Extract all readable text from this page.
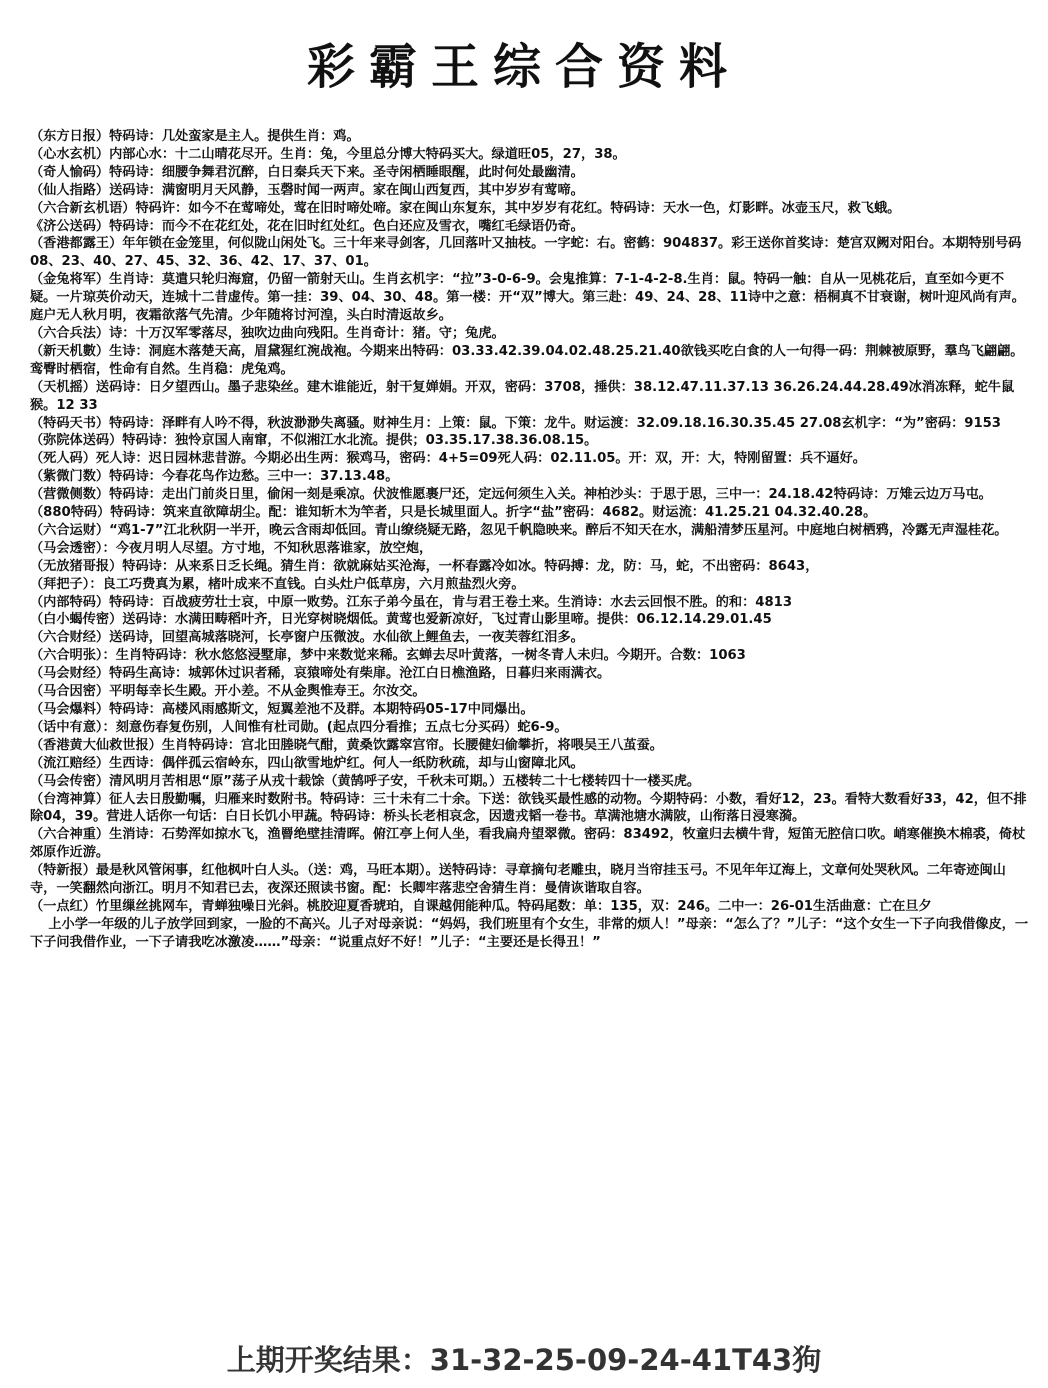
彩霸王综合资料
（东方日报）特码诗：几处蛮家是主人。提供生肖：鸡。
（心水玄机）内部心水：十二山晴花尽开。生肖：兔，今里总分博大特码买大。绿道旺05，27，38。
（奇人愉码）特码诗：细腰争舞君沉醉，白日秦兵天下来。圣寺闲栖睡眼醒，此时何处最幽清。
（仙人指路）送码诗：满窗明月天风静，玉磬时闻一两声。家在闽山西复西，其中岁岁有莺啼。
（六合新玄机语）特码许：如今不在莺啼处，莺在旧时啼处啼。家在闽山东复东，其中岁岁有花红。特码诗：天水一色，灯影畔。冰壶玉尺，救飞蛾。
《济公送码）特码诗：而今不在花红处，花在旧时红处红。色白还应及雪衣，嘴红毛绿语仍奇。
（香港都露王）年年锁在金笼里，何似陇山闲处飞。三十年来寻剑客，几回落叶又抽枝。一字蛇：右。密鹤：904837。彩王送你首奖诗：楚宫双阙对阳台。本期特别号码08、23、40、27、45、32、36、42、17、37、01。
（金兔将军）生肖诗：莫遣只轮归海窟，仍留一箭射天山。生肖玄机字：“拉”3-0-6-9。会鬼推算：7-1-4-2-8.生肖：鼠。特码一触：自从一见桃花后，直至如今更不疑。一片琼英价动天，连城十二昔虚传。第一挂：39、04、30、48。第一楼：开“双”博大。第三赴：49、24、28、11诗中之意：梧桐真不甘衰谢，树叶迎风尚有声。庭户无人秋月明，夜霜欲落气先清。少年随将讨河湟，头白时清返故乡。
（六合兵法）诗：十万汉军零落尽，独吹边曲向残阳。生肖奇计：猪。守；兔虎。
（新天机數）生诗：洞庭木落楚天高，眉黛猩红涴战袍。今期来出特码：03.33.42.39.04.02.48.25.21.40欲钱买吃白食的人一句得一码：荆棘被原野，羣鸟飞翩翩。鸾臀时栖宿，性命有自然。生肖稳：虎兔鸡。
（天机摇）送码诗：日夕望西山。墨子悲染丝。建木谁能近，射干复婵娟。开双，密码：3708，捶供：38.12.47.11.37.13 36.26.24.44.28.49冰消冻释，蛇牛鼠猴。12 33
（特码天书）特码诗：泽畔有人吟不得，秋波渺渺失离骚。财神生月：上策：鼠。下策：龙牛。财运渡：32.09.18.16.30.35.45 27.08玄机字：“为”密码：9153
（弥院体送码）特码诗：独怜京国人南窜，不似湘江水北流。提供；03.35.17.38.36.08.15。
（死人码）死人诗：迟日园林悲昔游。今期必出生两：猴鸡马，密码：4+5=09死人码：02.11.05。开：双，开：大，特刚留置：兵不逼好。
（紫微门数）特码诗：今春花鸟作边愁。三中一：37.13.48。
（营微侧数）特码诗：走出门前炎日里，偷闲一刻是乘凉。伏波惟愿裹尸还，定远何须生入关。神柏沙头：于思于思，三中一：24.18.42特码诗：万雉云边万马屯。
（880特码）特码诗：筑来直欲障胡尘。配：谁知斩木为竿者，只是长城里面人。折字“盐”密码：4682。财运流：41.25.21 04.32.40.28。
（六合运财）“鸡1-7”江北秋阴一半开，晚云含雨却低回。青山缭绕疑无路，忽见千帆隐映来。醉后不知天在水，满船清梦压星河。中庭地白树栖鸦，冷露无声湿桂花。
（马会透密）：今夜月明人尽望。方寸地，不知秋思落谁家，放空炮，
（无放猪哥报）特码诗：从来系日乏长绳。猜生肖：欲就麻姑买沧海，一杯春露冷如冰。特码搏：龙，防：马，蛇，不出密码：8643，
（拜把子）：良工巧费真为累，楮叶成来不直钱。白头灶户低草房，六月煎盐烈火旁。
（内部特码）特码诗：百战疲劳壮士哀，中原一败势。江东子弟今虽在，肯与君王卷土来。生消诗：水去云回恨不胜。的和：4813
（白小蝎传密）送码诗：水满田畴稻叶齐，日光穿树晓烟低。黄莺也爱新凉好，飞过青山影里啼。提供：06.12.14.29.01.45
（六合财经）送码诗，回望高城落晓河，长亭窗户压微波。水仙欲上鲤鱼去，一夜芙蓉红泪多。
（六合明张）：生肖特码诗：秋水悠悠浸墅扉，梦中来数觉来稀。玄蝉去尽叶黄落，一树冬青人未归。今期开。合数：1063
（马会财经）特码生高诗：城郭休过识者稀，哀猿啼处有柴扉。沧江白日樵渔路，日暮归来雨满衣。
（马合因密）平明每幸长生殿。开小差。不从金舆惟寿王。尔汝交。
（马会爆料）特码诗：高楼风雨感斯文，短翼差池不及群。本期特码05-17中同爆出。
（话中有意）：刻意伤春复伤别，人间惟有杜司勋。(起点四分看推；五点七分买码）蛇6-9。
（香港黄大仙救世报）生肖特码诗：宫北田塍晓气酣，黄桑饮露窣宫帘。长腰健妇偷攀折，将喂吴王八茧蚕。
（流江赔经）生西诗：偶伴孤云宿岭东，四山欲雪地炉红。何人一纸防秋疏，却与山窗障北风。
（马会传密）清风明月苦相思“原”荡子从戎十载馀（黄鹄呼子安，千秋未可期。）五楼转二十七楼转四十一楼买虎。
（台湾神算）征人去日殷勤嘱，归雁来时数附书。特码诗：三十未有二十余。下送：欲钱买最性感的动物。今期特码：小数，看好12，23。看特大数看好33，42，但不排除04，39。营进人话你一句话：白日长饥小甲蔬。特码诗：桥头长老相哀念，因遗戎韬一卷书。草满池塘水满陂，山衔落日浸寒漪。
（六合神重）生消诗：石势浑如掠水飞，渔罾绝壁挂清晖。俯江亭上何人坐，看我扁舟望翠微。密码：83492，牧童归去横牛背，短笛无腔信口吹。峭寒催换木棉裘，倚杖郊原作近游。
（特新报）最是秋风管闲事，红他枫叶白人头。（送：鸡，马旺本期）。送特码诗：寻章摘句老雕虫，晓月当帘挂玉弓。不见年年辽海上，文章何处哭秋风。二年寄迹闽山寺，一笑翻然向浙江。明月不知君已去，夜深还照读书窗。配：长卿牢落悲空舍猜生肖：曼倩诙谐取自容。
（一点红）竹里缫丝挑网车，青蝉独噪日光斜。桃胶迎夏香琥珀，自课越佣能种瓜。特码尾数：单：135，双：246。二中一：26-01生活曲意：亡在旦夕
上小学一年级的儿子放学回到家，一脸的不高兴。儿子对母亲说：“妈妈，我们班里有个女生，非常的烦人！”母亲：“怎么了？”儿子：“这个女生一下子向我借像皮，一下子问我借作业，一下子请我吃冰激凌……”母亲：“说重点好不好！”儿子：“主要还是长得丑！”
上期开奖结果：31-32-25-09-24-41T43狗
